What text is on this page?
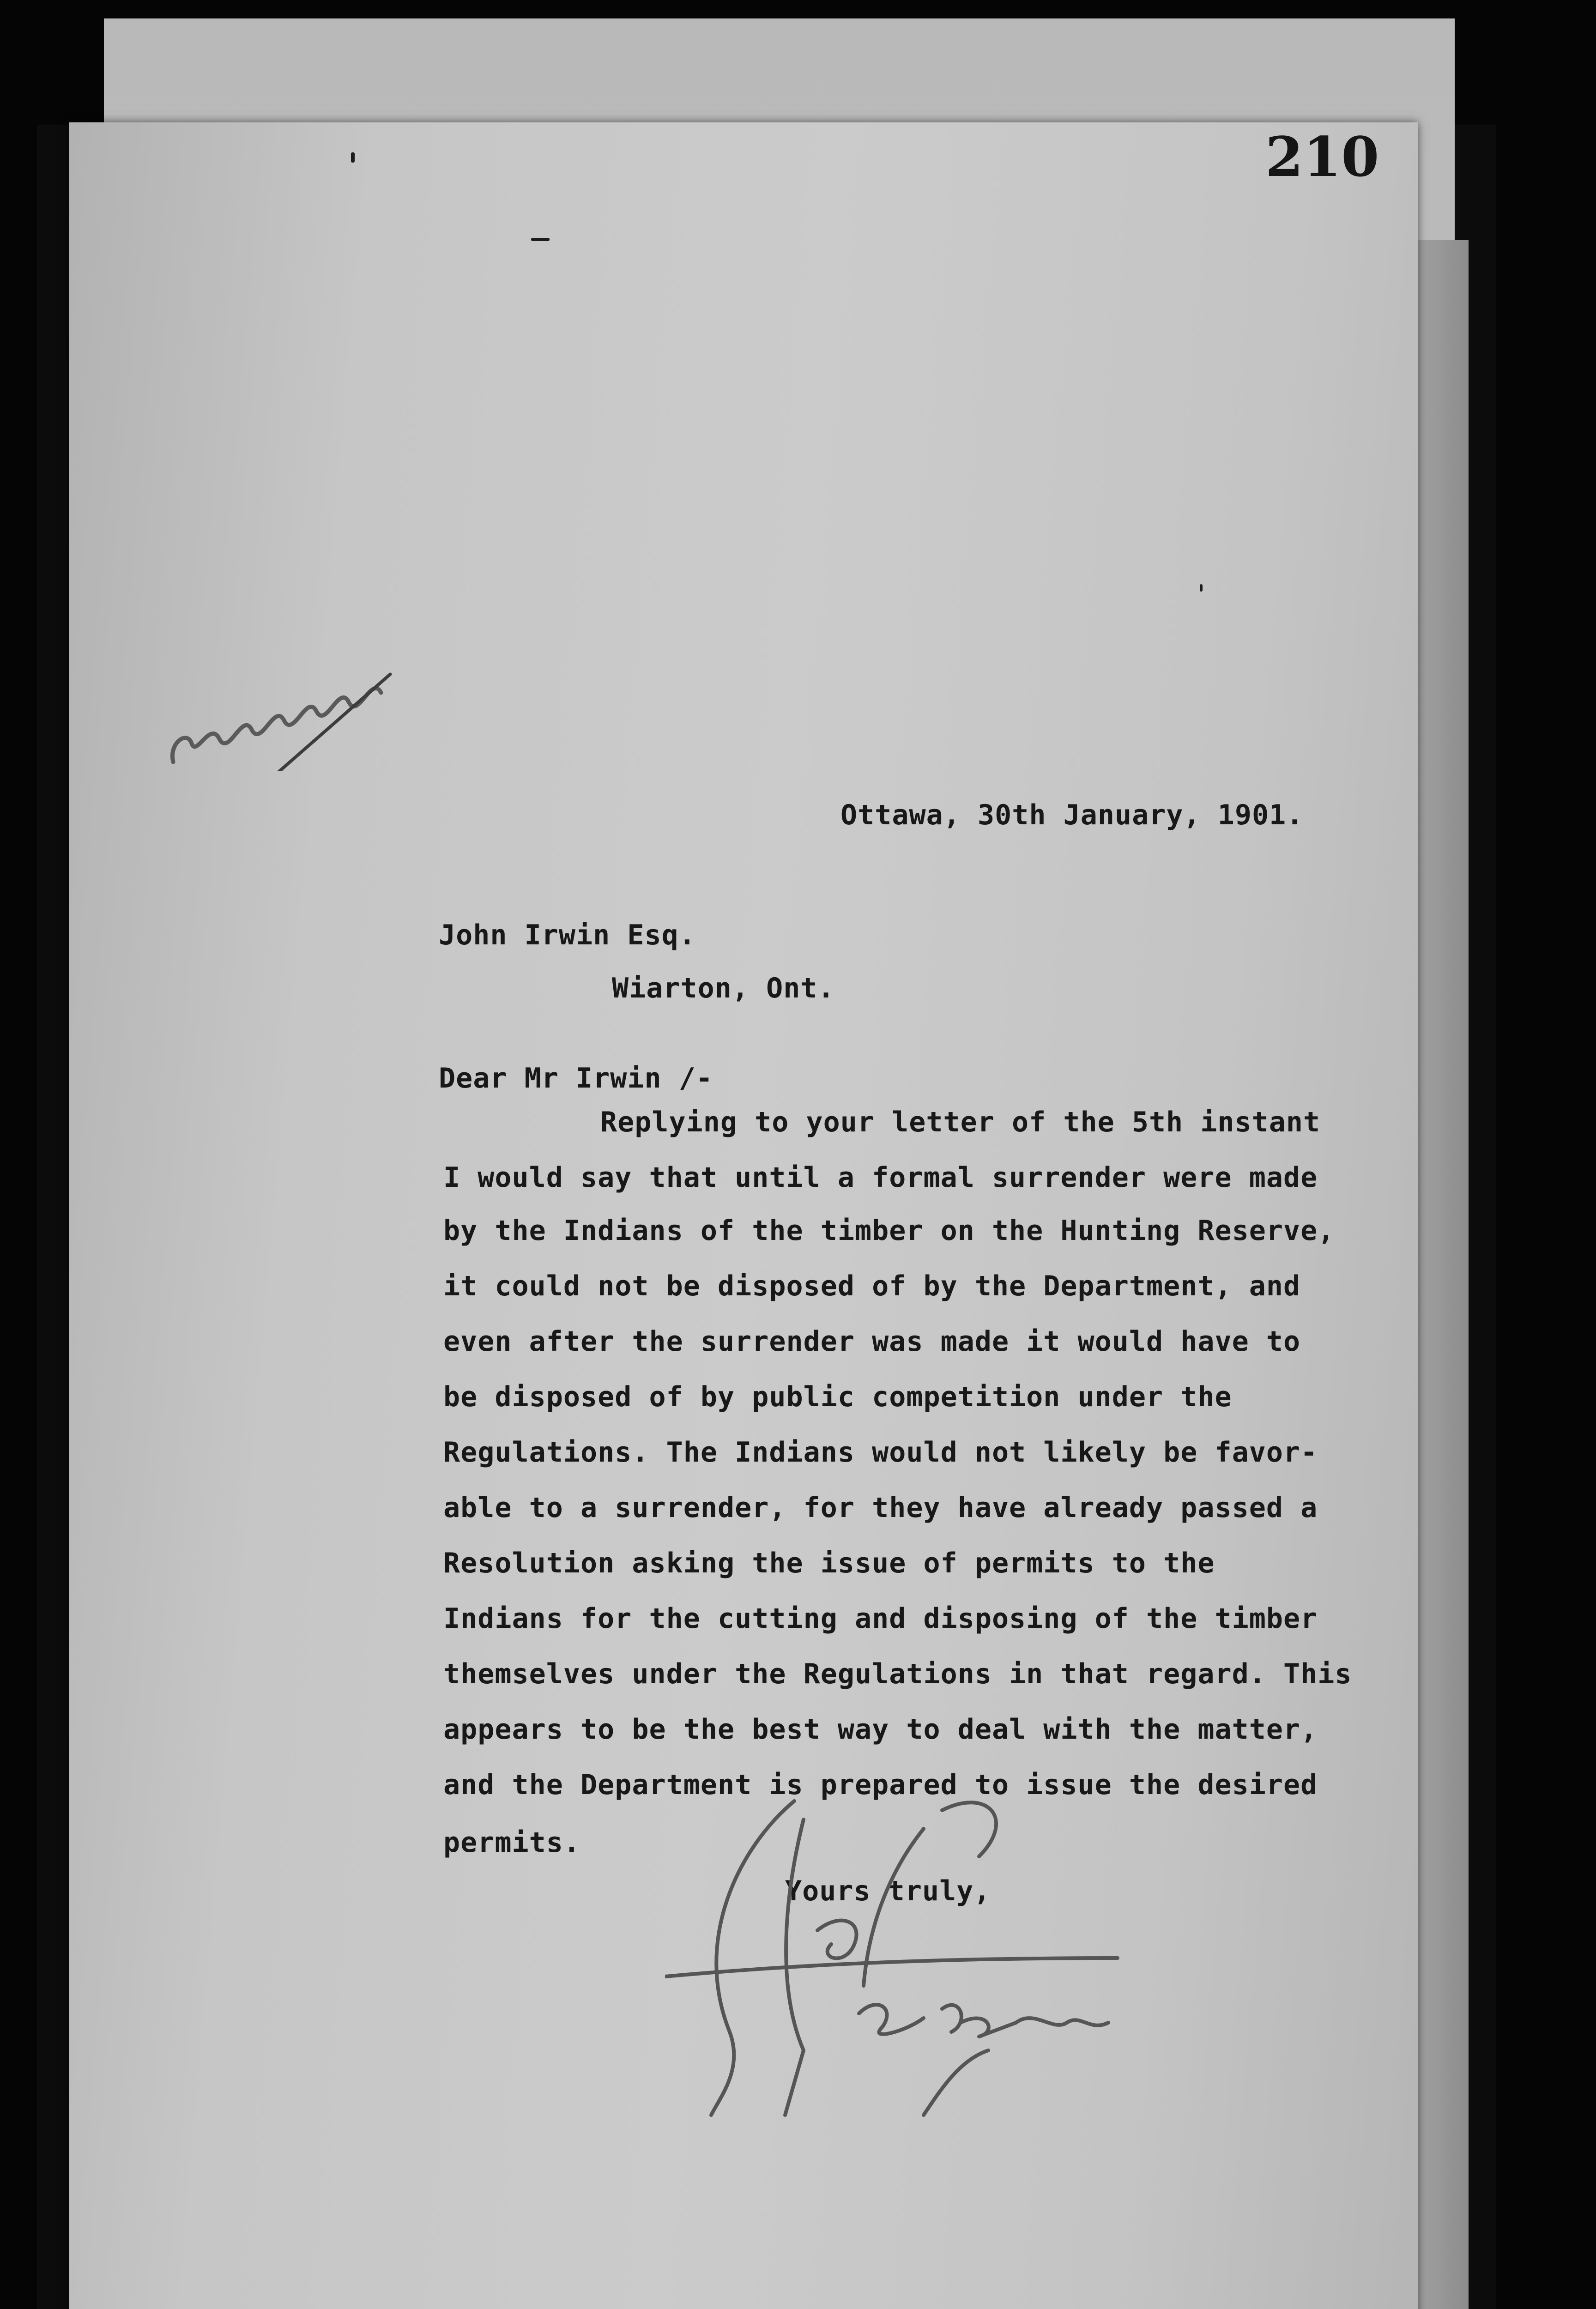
210
Ottawa, 30th January, 1901.
John Irwin Esq.
Wiarton, Ont.
Dear Mr Irwin /-
Replying to your letter of the 5th instant
I would say that until a formal surrender were made
by the Indians of the timber on the Hunting Reserve,
it could not be disposed of by the Department, and
even after the surrender was made it would have to
be disposed of by public competition under the
Regulations. The Indians would not likely be favor-
able to a surrender, for they have already passed a
Resolution asking the issue of permits to the
Indians for the cutting and disposing of the timber
themselves under the Regulations in that regard. This
appears to be the best way to deal with the matter,
and the Department is prepared to issue the desired
permits.
Yours truly,
